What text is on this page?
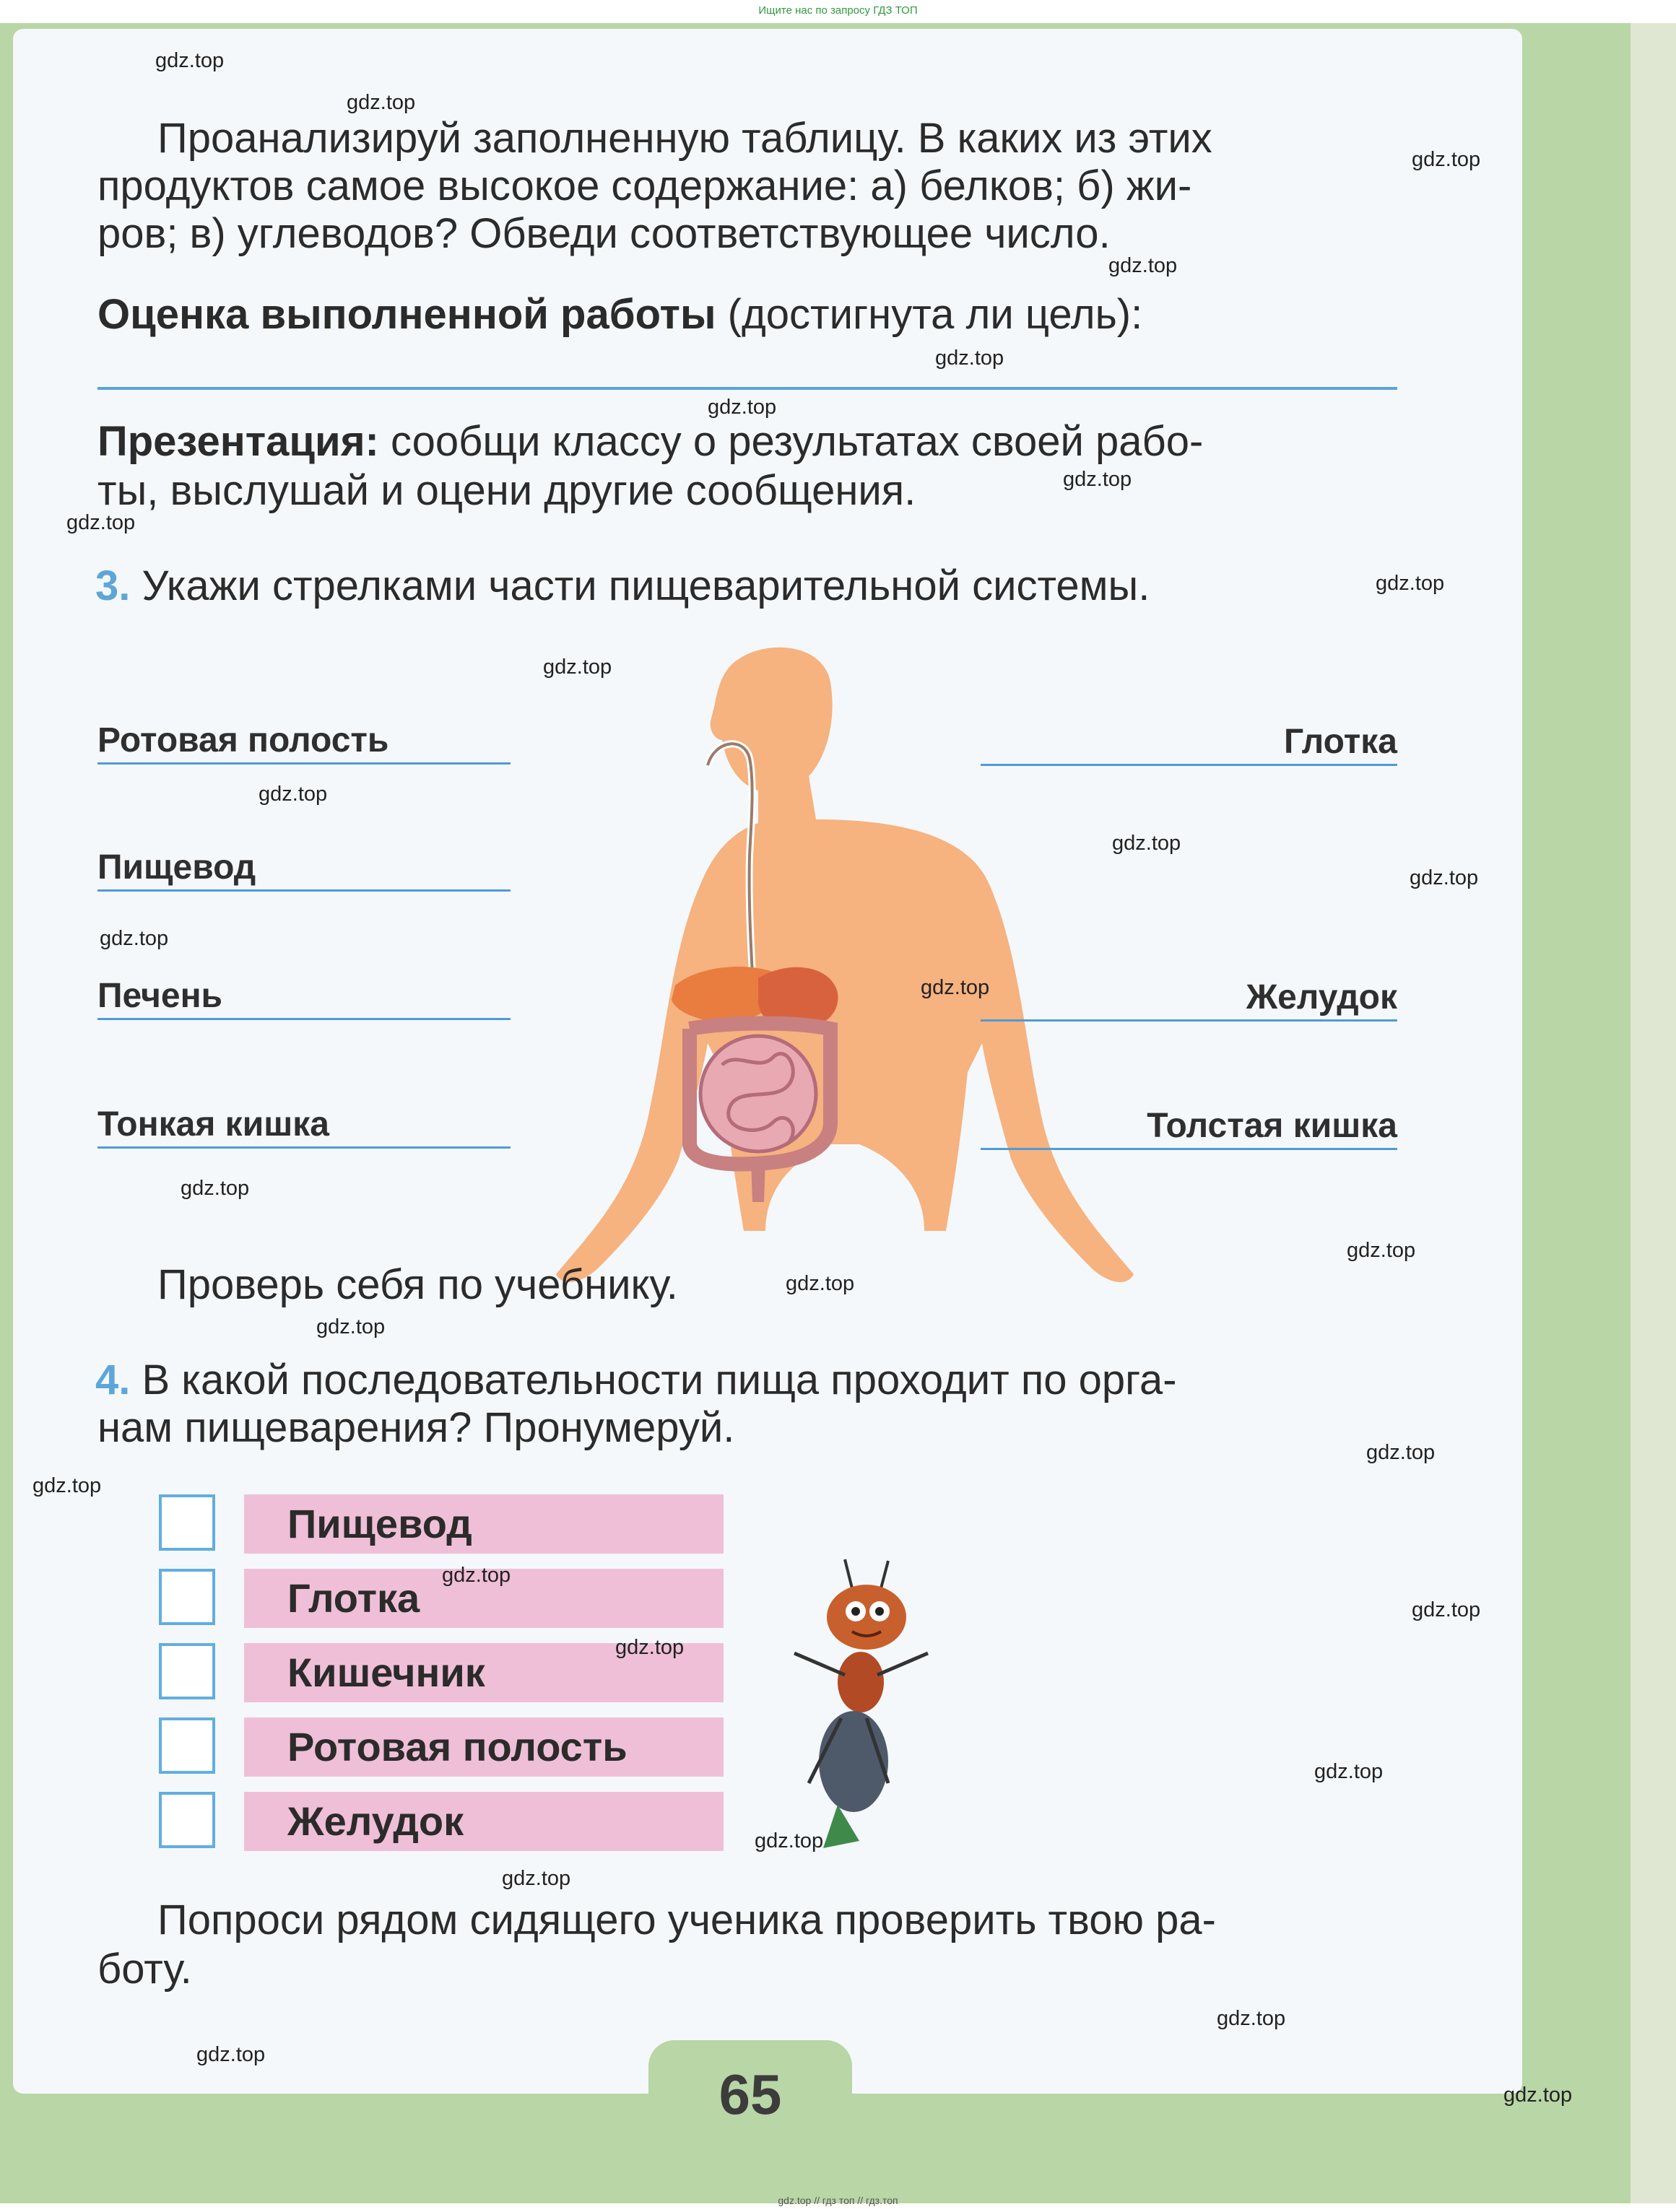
Ищите нас по запросу ГДЗ ТОП
Проанализируй заполненную таблицу. В каких из этих
продуктов самое высокое содержание: а) белков; б) жи-
ров; в) углеводов? Обведи соответствующее число.
Оценка выполненной работы (достигнута ли цель):
Презентация: сообщи классу о результатах своей рабо-
ты, выслушай и оцени другие сообщения.
3. Укажи стрелками части пищеварительной системы.
Ротовая полость
Пищевод
Печень
Тонкая кишка
Глотка
Желудок
Толстая кишка
Проверь себя по учебнику.
4. В какой последовательности пища проходит по орга-
нам пищеварения? Пронумеруй.
Пищевод
Глотка
Кишечник
Ротовая полость
Желудок
Попроси рядом сидящего ученика проверить твою ра-
боту.
65
gdz.top
gdz.top
gdz.top
gdz.top
gdz.top
gdz.top
gdz.top
gdz.top
gdz.top
gdz.top
gdz.top
gdz.top
gdz.top
gdz.top
gdz.top
gdz.top
gdz.top
gdz.top
gdz.top
gdz.top
gdz.top
gdz.top
gdz.top
gdz.top
gdz.top
gdz.top
gdz.top
gdz.top
gdz.top
gdz.top
gdz.top // гдз топ // гдз.топ
